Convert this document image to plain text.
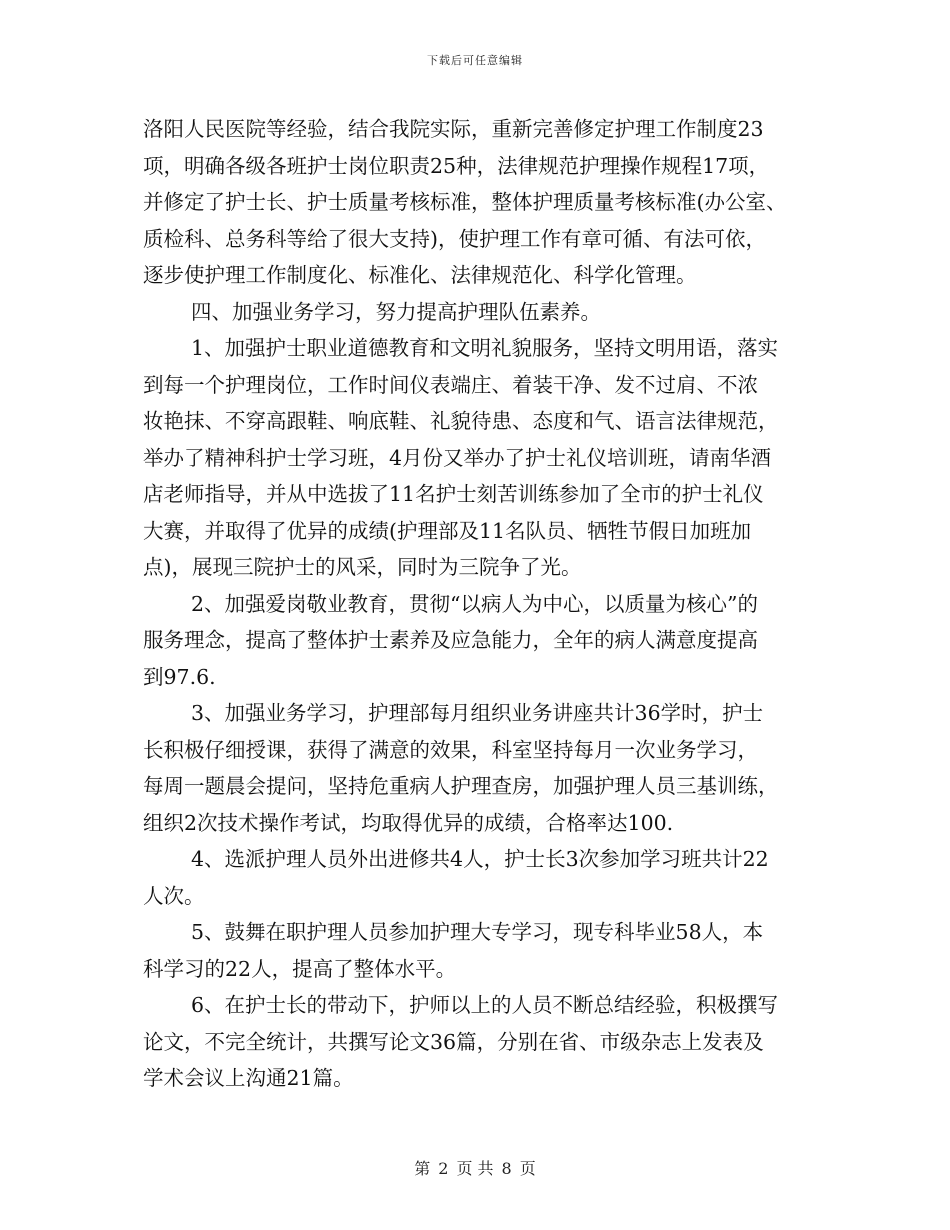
下载后可任意编辑
洛阳人民医院等经验，结合我院实际，重新完善修定护理工作制度23
项，明确各级各班护士岗位职责25种，法律规范护理操作规程17项，
并修定了护士长、护士质量考核标准，整体护理质量考核标准(办公室、
质检科、总务科等给了很大支持)，使护理工作有章可循、有法可依，
逐步使护理工作制度化、标准化、法律规范化、科学化管理。
四、加强业务学习，努力提高护理队伍素养。
1、加强护士职业道德教育和文明礼貌服务，坚持文明用语，落实
到每一个护理岗位，工作时间仪表端庄、着装干净、发不过肩、不浓
妆艳抹、不穿高跟鞋、响底鞋、礼貌待患、态度和气、语言法律规范，
举办了精神科护士学习班，4月份又举办了护士礼仪培训班，请南华酒
店老师指导，并从中选拔了11名护士刻苦训练参加了全市的护士礼仪
大赛，并取得了优异的成绩(护理部及11名队员、牺牲节假日加班加
点)，展现三院护士的风采，同时为三院争了光。
2、加强爱岗敬业教育，贯彻“以病人为中心，以质量为核心”的
服务理念，提高了整体护士素养及应急能力，全年的病人满意度提高
到97.6.
3、加强业务学习，护理部每月组织业务讲座共计36学时，护士
长积极仔细授课，获得了满意的效果，科室坚持每月一次业务学习，
每周一题晨会提问，坚持危重病人护理查房，加强护理人员三基训练，
组织2次技术操作考试，均取得优异的成绩，合格率达100.
4、选派护理人员外出进修共4人，护士长3次参加学习班共计22
人次。
5、鼓舞在职护理人员参加护理大专学习，现专科毕业58人，本
科学习的22人，提高了整体水平。
6、在护士长的带动下，护师以上的人员不断总结经验，积极撰写
论文，不完全统计，共撰写论文36篇，分别在省、市级杂志上发表及
学术会议上沟通21篇。
第 2 页 共 8 页
